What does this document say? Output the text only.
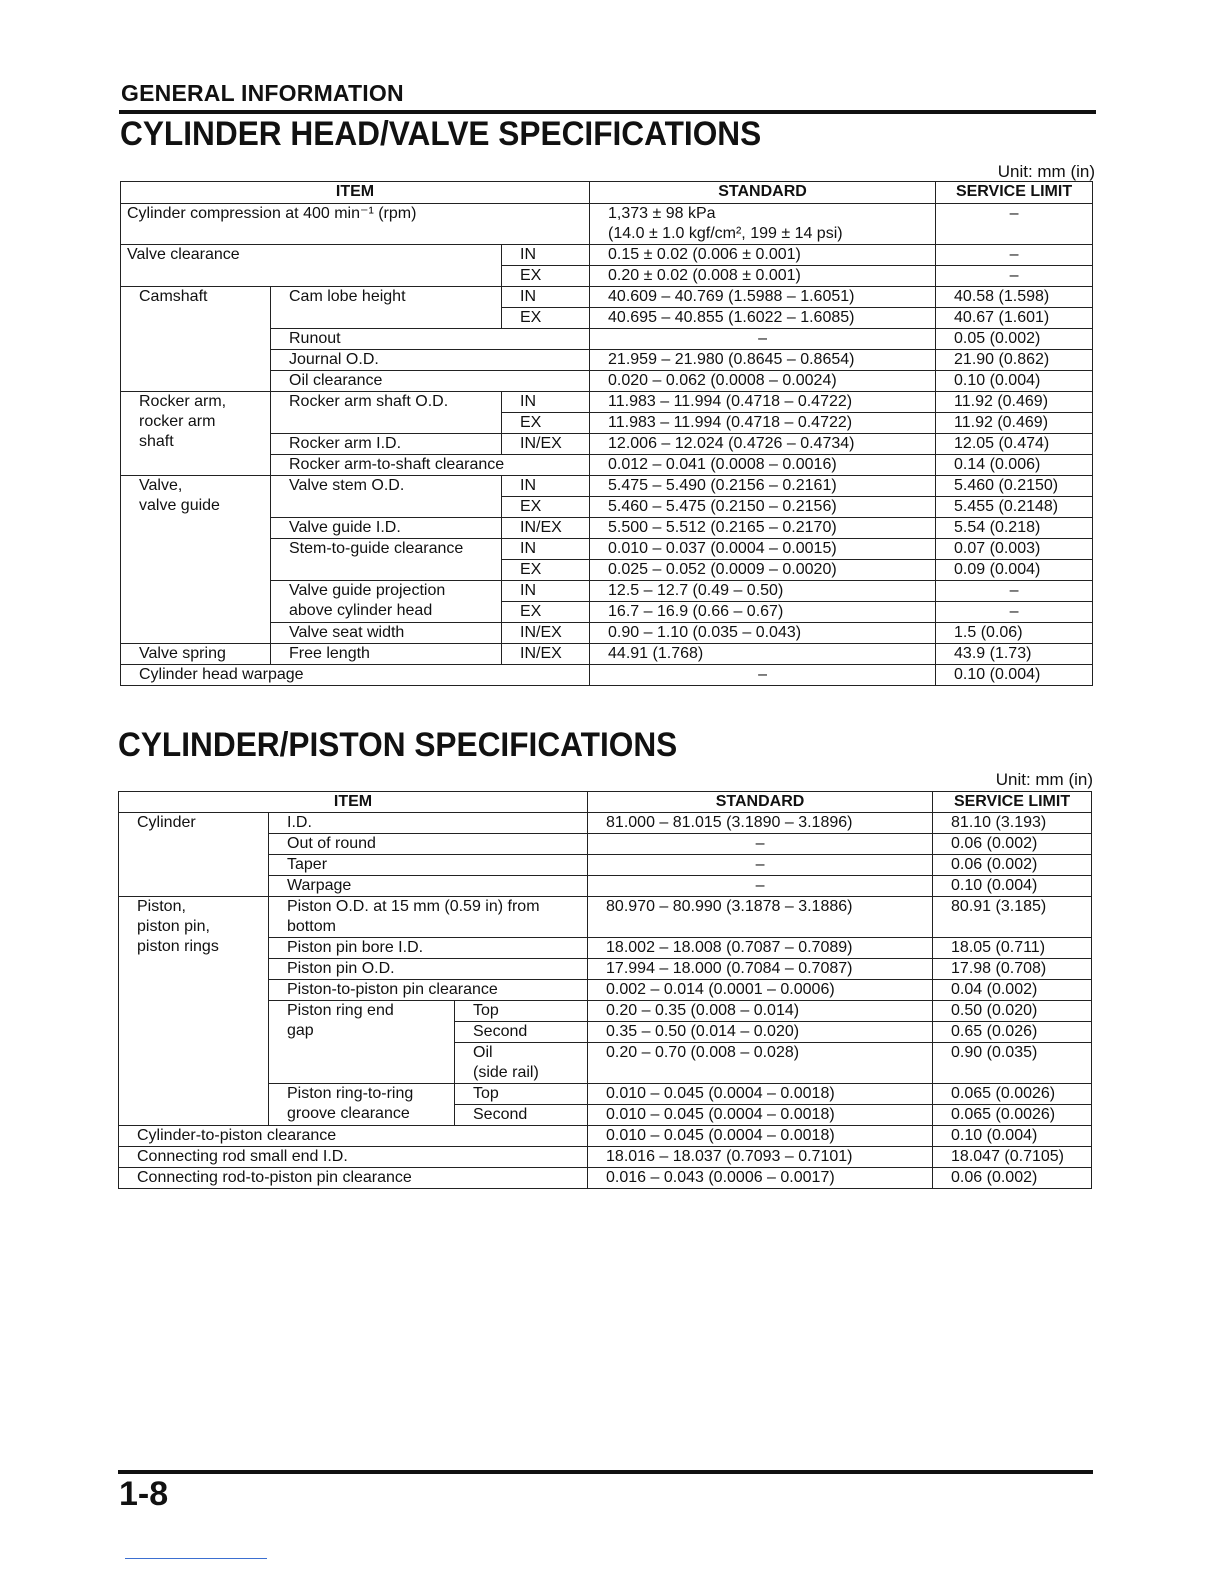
GENERAL INFORMATION
CYLINDER HEAD/VALVE SPECIFICATIONS
Unit: mm (in)
ITEM			STANDARD	SERVICE LIMIT
Cylinder compression at 400 min⁻¹ (rpm)			1,373 ± 98 kPa
(14.0 ± 1.0 kgf/cm², 199 ± 14 psi)	–
Valve clearance		IN	0.15 ± 0.02 (0.006 ± 0.001)	–
		EX	0.20 ± 0.02 (0.008 ± 0.001)	–
Camshaft	Cam lobe height	IN	40.609 – 40.769 (1.5988 – 1.6051)	40.58 (1.598)
		EX	40.695 – 40.855 (1.6022 – 1.6085)	40.67 (1.601)
	Runout		–	0.05 (0.002)
	Journal O.D.		21.959 – 21.980 (0.8645 – 0.8654)	21.90 (0.862)
	Oil clearance		0.020 – 0.062 (0.0008 – 0.0024)	0.10 (0.004)
Rocker arm,
rocker arm
shaft	Rocker arm shaft O.D.	IN	11.983 – 11.994 (0.4718 – 0.4722)	11.92 (0.469)
		EX	11.983 – 11.994 (0.4718 – 0.4722)	11.92 (0.469)
	Rocker arm I.D.	IN/EX	12.006 – 12.024 (0.4726 – 0.4734)	12.05 (0.474)
	Rocker arm-to-shaft clearance		0.012 – 0.041 (0.0008 – 0.0016)	0.14 (0.006)
Valve,
valve guide	Valve stem O.D.	IN	5.475 – 5.490 (0.2156 – 0.2161)	5.460 (0.2150)
		EX	5.460 – 5.475 (0.2150 – 0.2156)	5.455 (0.2148)
	Valve guide I.D.	IN/EX	5.500 – 5.512 (0.2165 – 0.2170)	5.54 (0.218)
	Stem-to-guide clearance	IN	0.010 – 0.037 (0.0004 – 0.0015)	0.07 (0.003)
		EX	0.025 – 0.052 (0.0009 – 0.0020)	0.09 (0.004)
	Valve guide projection
above cylinder head	IN	12.5 – 12.7 (0.49 – 0.50)	–
		EX	16.7 – 16.9 (0.66 – 0.67)	–
	Valve seat width	IN/EX	0.90 – 1.10 (0.035 – 0.043)	1.5 (0.06)
Valve spring	Free length	IN/EX	44.91 (1.768)	43.9 (1.73)
Cylinder head warpage			–	0.10 (0.004)
CYLINDER/PISTON SPECIFICATIONS
Unit: mm (in)
ITEM			STANDARD	SERVICE LIMIT
Cylinder	I.D.		81.000 – 81.015 (3.1890 – 3.1896)	81.10 (3.193)
	Out of round		–	0.06 (0.002)
	Taper		–	0.06 (0.002)
	Warpage		–	0.10 (0.004)
Piston,
piston pin,
piston rings	Piston O.D. at 15 mm (0.59 in) from
bottom		80.970 – 80.990 (3.1878 – 3.1886)	80.91 (3.185)
	Piston pin bore I.D.		18.002 – 18.008 (0.7087 – 0.7089)	18.05 (0.711)
	Piston pin O.D.		17.994 – 18.000 (0.7084 – 0.7087)	17.98 (0.708)
	Piston-to-piston pin clearance		0.002 – 0.014 (0.0001 – 0.0006)	0.04 (0.002)
	Piston ring end
gap	Top	0.20 – 0.35 (0.008 – 0.014)	0.50 (0.020)
		Second	0.35 – 0.50 (0.014 – 0.020)	0.65 (0.026)
		Oil
(side rail)	0.20 – 0.70 (0.008 – 0.028)	0.90 (0.035)
	Piston ring-to-ring
groove clearance	Top	0.010 – 0.045 (0.0004 – 0.0018)	0.065 (0.0026)
		Second	0.010 – 0.045 (0.0004 – 0.0018)	0.065 (0.0026)
Cylinder-to-piston clearance			0.010 – 0.045 (0.0004 – 0.0018)	0.10 (0.004)
Connecting rod small end I.D.			18.016 – 18.037 (0.7093 – 0.7101)	18.047 (0.7105)
Connecting rod-to-piston pin clearance			0.016 – 0.043 (0.0006 – 0.0017)	0.06 (0.002)
1-8
